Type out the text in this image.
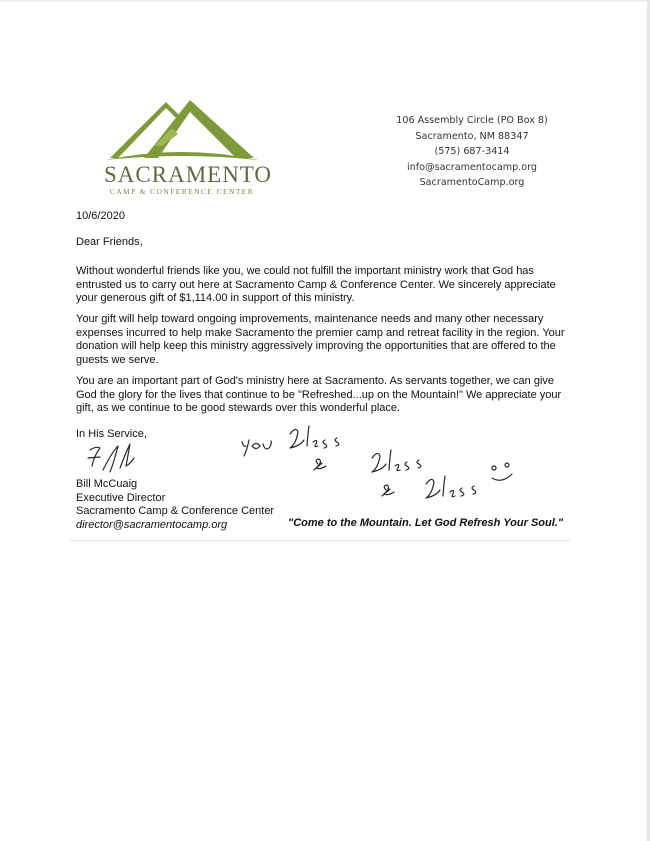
SACRAMENTO
CAMP & CONFERENCE CENTER
106 Assembly Circle (PO Box 8)
Sacramento, NM 88347
(575) 687-3414
info@sacramentocamp.org
SacramentoCamp.org
10/6/2020
Dear Friends,
Without wonderful friends like you, we could not fulfill the important ministry work that God has entrusted us to carry out here at Sacramento Camp & Conference Center. We sincerely appreciate your generous gift of $1,114.00 in support of this ministry.
Your gift will help toward ongoing improvements, maintenance needs and many other necessary expenses incurred to help make Sacramento the premier camp and retreat facility in the region. Your donation will help keep this ministry aggressively improving the opportunities that are offered to the guests we serve.
You are an important part of God's ministry here at Sacramento. As servants together, we can give God the glory for the lives that continue to be "Refreshed...up on the Mountain!" We appreciate your gift, as we continue to be good stewards over this wonderful place.
In His Service,
Bill McCuaig
Executive Director
Sacramento Camp & Conference Center
director@sacramentocamp.org	"Come to the Mountain. Let God Refresh Your Soul."
